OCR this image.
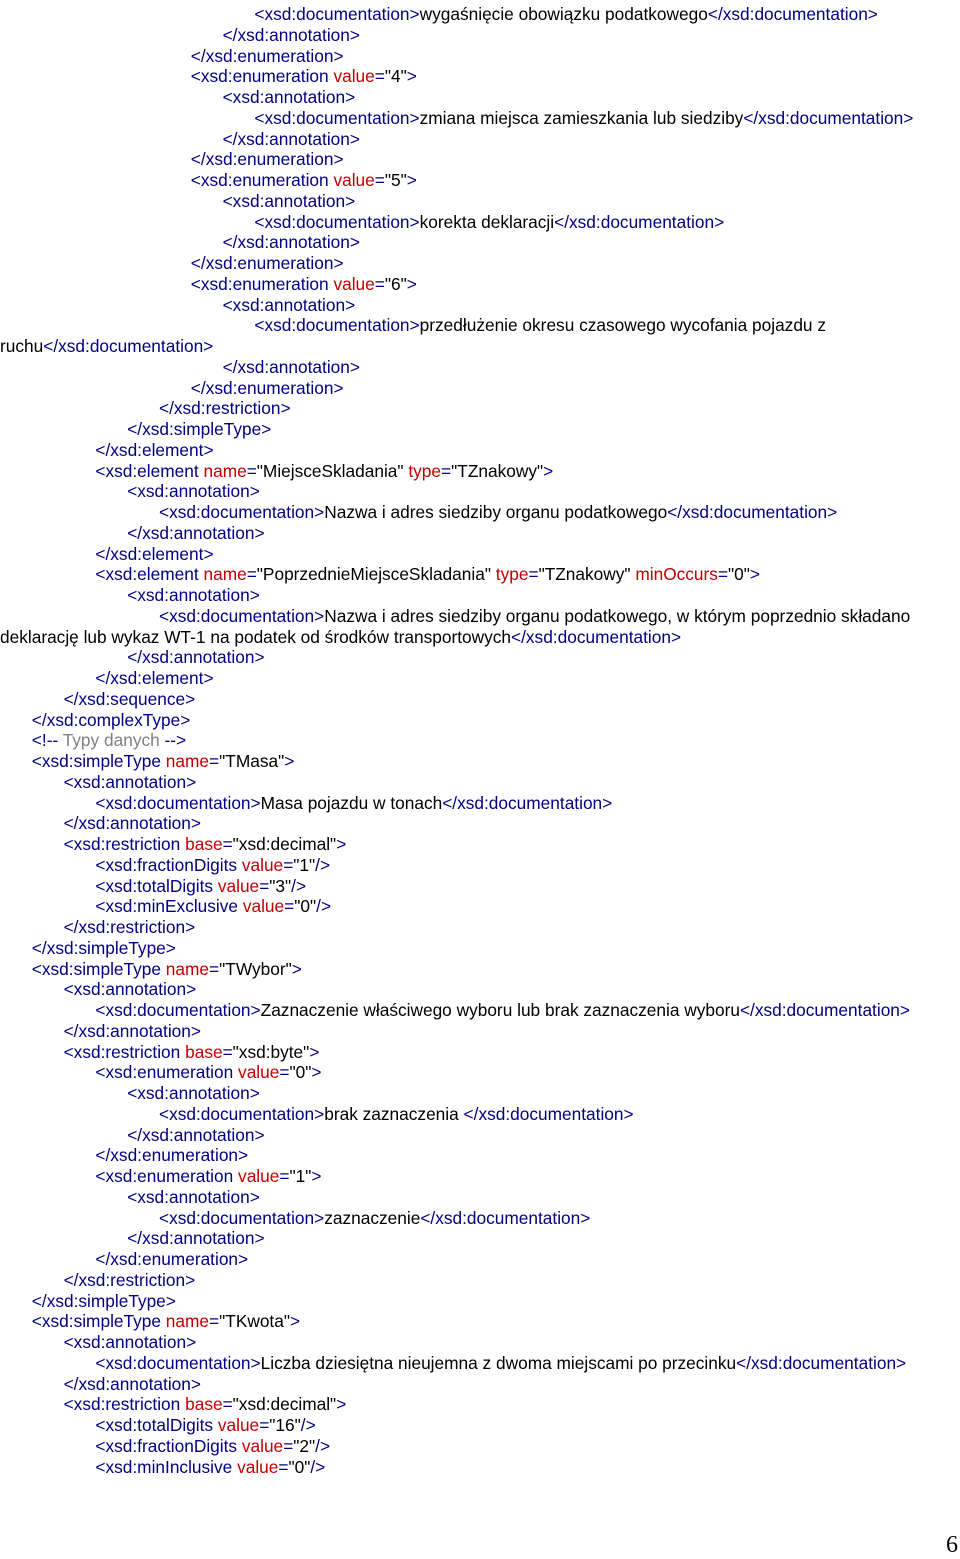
<xsd:documentation>wygaśnięcie obowiązku podatkowego</xsd:documentation>
</xsd:annotation>
</xsd:enumeration>
<xsd:enumeration value="4">
<xsd:annotation>
<xsd:documentation>zmiana miejsca zamieszkania lub siedziby</xsd:documentation>
</xsd:annotation>
</xsd:enumeration>
<xsd:enumeration value="5">
<xsd:annotation>
<xsd:documentation>korekta deklaracji</xsd:documentation>
</xsd:annotation>
</xsd:enumeration>
<xsd:enumeration value="6">
<xsd:annotation>
<xsd:documentation>przedłużenie okresu czasowego wycofania pojazdu z
ruchu</xsd:documentation>
</xsd:annotation>
</xsd:enumeration>
</xsd:restriction>
</xsd:simpleType>
</xsd:element>
<xsd:element name="MiejsceSkladania" type="TZnakowy">
<xsd:annotation>
<xsd:documentation>Nazwa i adres siedziby organu podatkowego</xsd:documentation>
</xsd:annotation>
</xsd:element>
<xsd:element name="PoprzednieMiejsceSkladania" type="TZnakowy" minOccurs="0">
<xsd:annotation>
<xsd:documentation>Nazwa i adres siedziby organu podatkowego, w którym poprzednio składano
deklarację lub wykaz WT-1 na podatek od środków transportowych</xsd:documentation>
</xsd:annotation>
</xsd:element>
</xsd:sequence>
</xsd:complexType>
<!-- Typy danych -->
<xsd:simpleType name="TMasa">
<xsd:annotation>
<xsd:documentation>Masa pojazdu w tonach</xsd:documentation>
</xsd:annotation>
<xsd:restriction base="xsd:decimal">
<xsd:fractionDigits value="1"/>
<xsd:totalDigits value="3"/>
<xsd:minExclusive value="0"/>
</xsd:restriction>
</xsd:simpleType>
<xsd:simpleType name="TWybor">
<xsd:annotation>
<xsd:documentation>Zaznaczenie właściwego wyboru lub brak zaznaczenia wyboru</xsd:documentation>
</xsd:annotation>
<xsd:restriction base="xsd:byte">
<xsd:enumeration value="0">
<xsd:annotation>
<xsd:documentation>brak zaznaczenia </xsd:documentation>
</xsd:annotation>
</xsd:enumeration>
<xsd:enumeration value="1">
<xsd:annotation>
<xsd:documentation>zaznaczenie</xsd:documentation>
</xsd:annotation>
</xsd:enumeration>
</xsd:restriction>
</xsd:simpleType>
<xsd:simpleType name="TKwota">
<xsd:annotation>
<xsd:documentation>Liczba dziesiętna nieujemna z dwoma miejscami po przecinku</xsd:documentation>
</xsd:annotation>
<xsd:restriction base="xsd:decimal">
<xsd:totalDigits value="16"/>
<xsd:fractionDigits value="2"/>
<xsd:minInclusive value="0"/>
6
